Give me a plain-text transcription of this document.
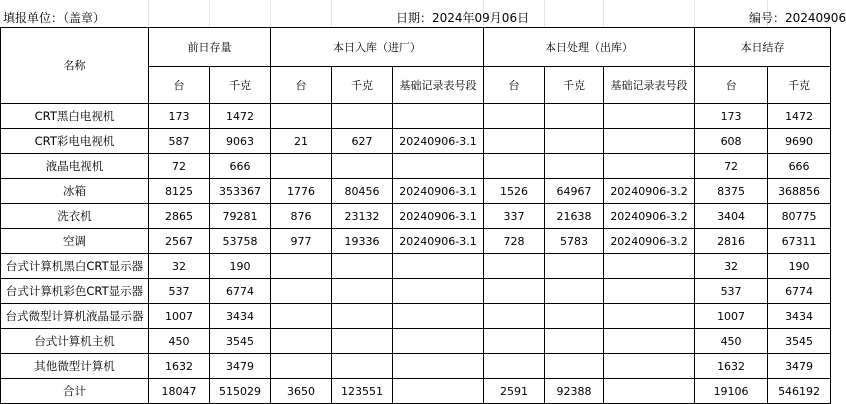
填报单位：（盖章）	日期：2024年09月06日	编号：20240906
名称	前日存量		本日入库（进厂）			本日处理（出库）			本日结存	
	台	千克	台	千克	基础记录表号段	台	千克	基础记录表号段	台	千克
CRT黑白电视机	173	1472							173	1472
CRT彩电电视机	587	9063	21	627	20240906-3.1				608	9690
液晶电视机	72	666							72	666
冰箱	8125	353367	1776	80456	20240906-3.1	1526	64967	20240906-3.2	8375	368856
洗衣机	2865	79281	876	23132	20240906-3.1	337	21638	20240906-3.2	3404	80775
空调	2567	53758	977	19336	20240906-3.1	728	5783	20240906-3.2	2816	67311
台式计算机黑白CRT显示器	32	190							32	190
台式计算机彩色CRT显示器	537	6774							537	6774
台式微型计算机液晶显示器	1007	3434							1007	3434
台式计算机主机	450	3545							450	3545
其他微型计算机	1632	3479							1632	3479
合计	18047	515029	3650	123551		2591	92388		19106	546192
